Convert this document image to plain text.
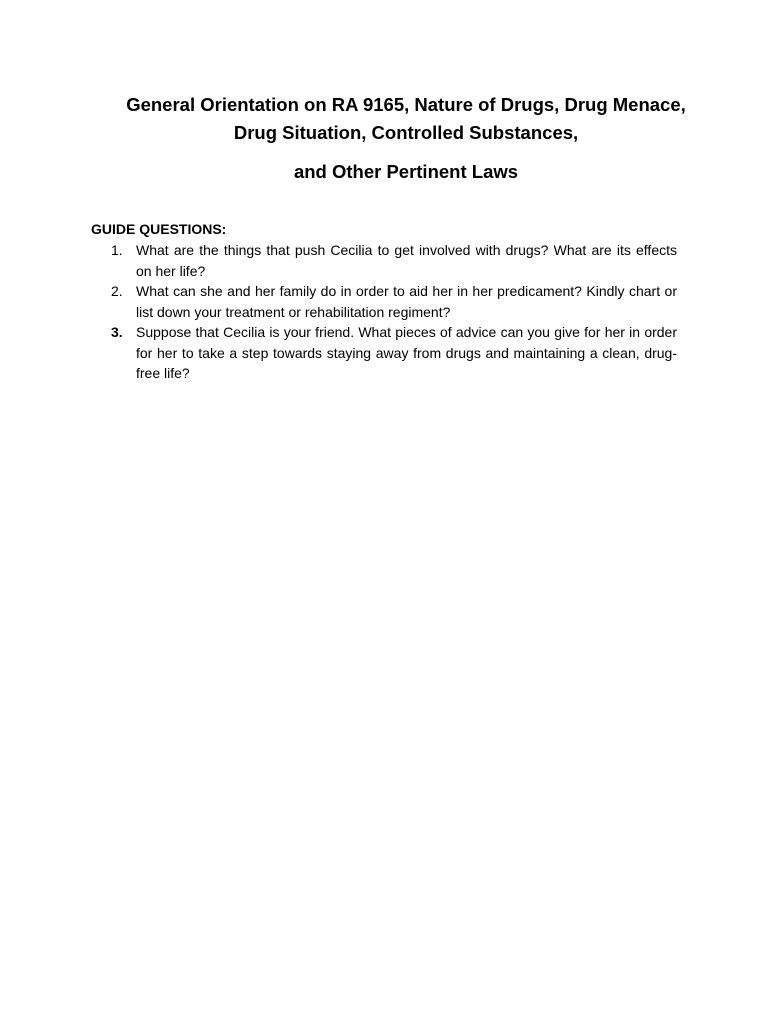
General Orientation on RA 9165, Nature of Drugs, Drug Menace, Drug Situation, Controlled Substances,
and Other Pertinent Laws
GUIDE QUESTIONS:
1. What are the things that push Cecilia to get involved with drugs? What are its effects on her life?
2. What can she and her family do in order to aid her in her predicament? Kindly chart or list down your treatment or rehabilitation regiment?
3. Suppose that Cecilia is your friend. What pieces of advice can you give for her in order for her to take a step towards staying away from drugs and maintaining a clean, drug-free life?
